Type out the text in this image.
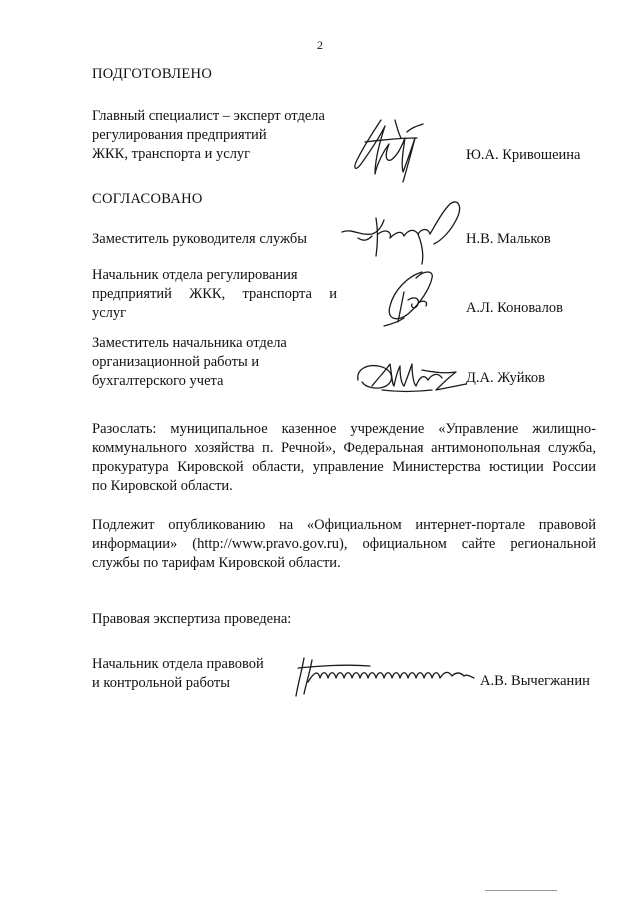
2
ПОДГОТОВЛЕНО
Главный специалист – эксперт отдела
регулирования предприятий
ЖКК, транспорта и услуг	Ю.А. Кривошеина
СОГЛАСОВАНО
Заместитель руководителя службы	Н.В. Мальков
Начальник отдела регулирования
предприятий ЖКК, транспорта и
услуг	А.Л. Коновалов
Заместитель начальника отдела
организационной работы и
бухгалтерского учета	Д.А. Жуйков
Разослать: муниципальное казенное учреждение «Управление жилищно-
коммунального хозяйства п. Речной», Федеральная антимонопольная служба,
прокуратура Кировской области, управление Министерства юстиции России
по Кировской области.
Подлежит опубликованию на «Официальном интернет-портале правовой
информации» (http://www.pravo.gov.ru), официальном сайте региональной
службы по тарифам Кировской области.
Правовая экспертиза проведена:
Начальник отдела правовой
и контрольной работы	А.В. Вычегжанин
